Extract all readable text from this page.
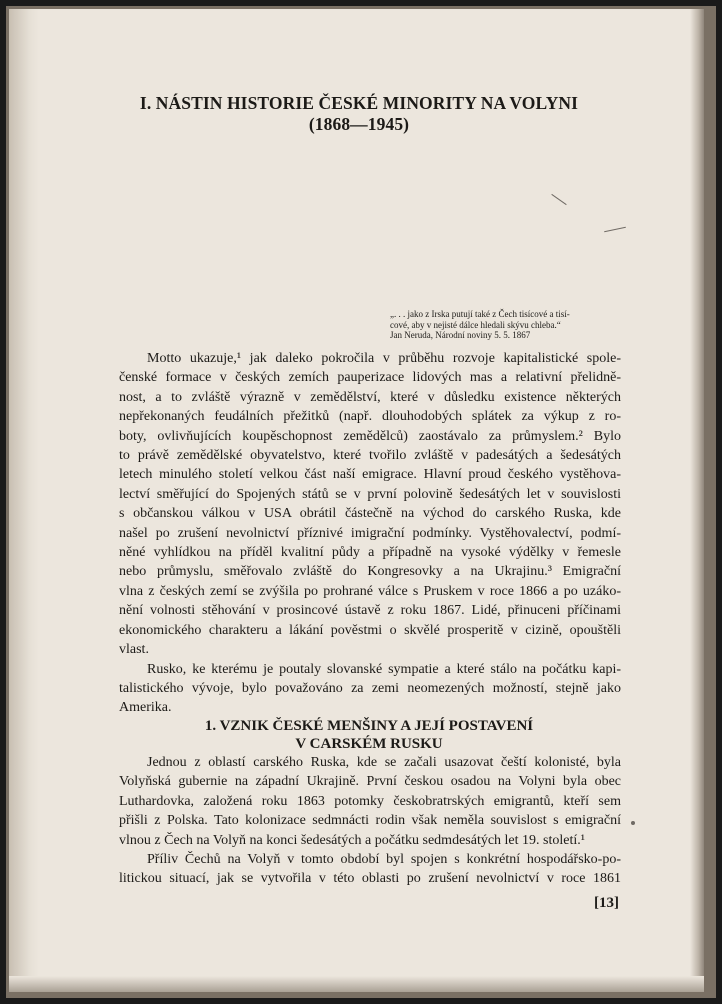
I. NÁSTIN HISTORIE ČESKÉ MINORITY NA VOLYNI
(1868—1945)
„. . . jako z Irska putují také z Čech tisícové a tisí-
cové, aby v nejisté dálce hledali skývu chleba.“
Jan Neruda, Národní noviny 5. 5. 1867

Motto ukazuje,¹ jak daleko pokročila v průběhu rozvoje kapitalistické spole-
čenské formace v českých zemích pauperizace lidových mas a relativní přelidně-
nost, a to zvláště výrazně v zemědělství, které v důsledku existence některých
nepřekonaných feudálních přežitků (např. dlouhodobých splátek za výkup z ro-
boty, ovlivňujících koupěschopnost zemědělců) zaostávalo za průmyslem.² Bylo
to právě zemědělské obyvatelstvo, které tvořilo zvláště v padesátých a šedesátých
letech minulého století velkou část naší emigrace. Hlavní proud českého vystěhova-
lectví směřující do Spojených států se v první polovině šedesátých let v souvislosti
s občanskou válkou v USA obrátil částečně na východ do carského Ruska, kde
našel po zrušení nevolnictví příznivé imigrační podmínky. Vystěhovalectví, podmí-
něné vyhlídkou na příděl kvalitní půdy a případně na vysoké výdělky v řemesle
nebo průmyslu, směřovalo zvláště do Kongresovky a na Ukrajinu.³ Emigrační
vlna z českých zemí se zvýšila po prohrané válce s Pruskem v roce 1866 a po uzáko-
nění volnosti stěhování v prosincové ústavě z roku 1867. Lidé, přinuceni příčinami
ekonomického charakteru a lákání pověstmi o skvělé prosperitě v cizině, opouštěli
vlast.

Rusko, ke kterému je poutaly slovanské sympatie a které stálo na počátku kapi-
talistického vývoje, bylo považováno za zemi neomezených možností, stejně jako
Amerika.

1. VZNIK ČESKÉ MENŠINY A JEJÍ POSTAVENÍ
V CARSKÉM RUSKU

Jednou z oblastí carského Ruska, kde se začali usazovat čeští kolonisté, byla
Volyňská gubernie na západní Ukrajině. První českou osadou na Volyni byla obec
Luthardovka, založená roku 1863 potomky českobratrských emigrantů, kteří sem
přišli z Polska. Tato kolonizace sedmnácti rodin však neměla souvislost s emigrační
vlnou z Čech na Volyň na konci šedesátých a počátku sedmdesátých let 19. století.¹

Příliv Čechů na Volyň v tomto období byl spojen s konkrétní hospodářsko-po-
litickou situací, jak se vytvořila v této oblasti po zrušení nevolnictví v roce 1861

[13]
